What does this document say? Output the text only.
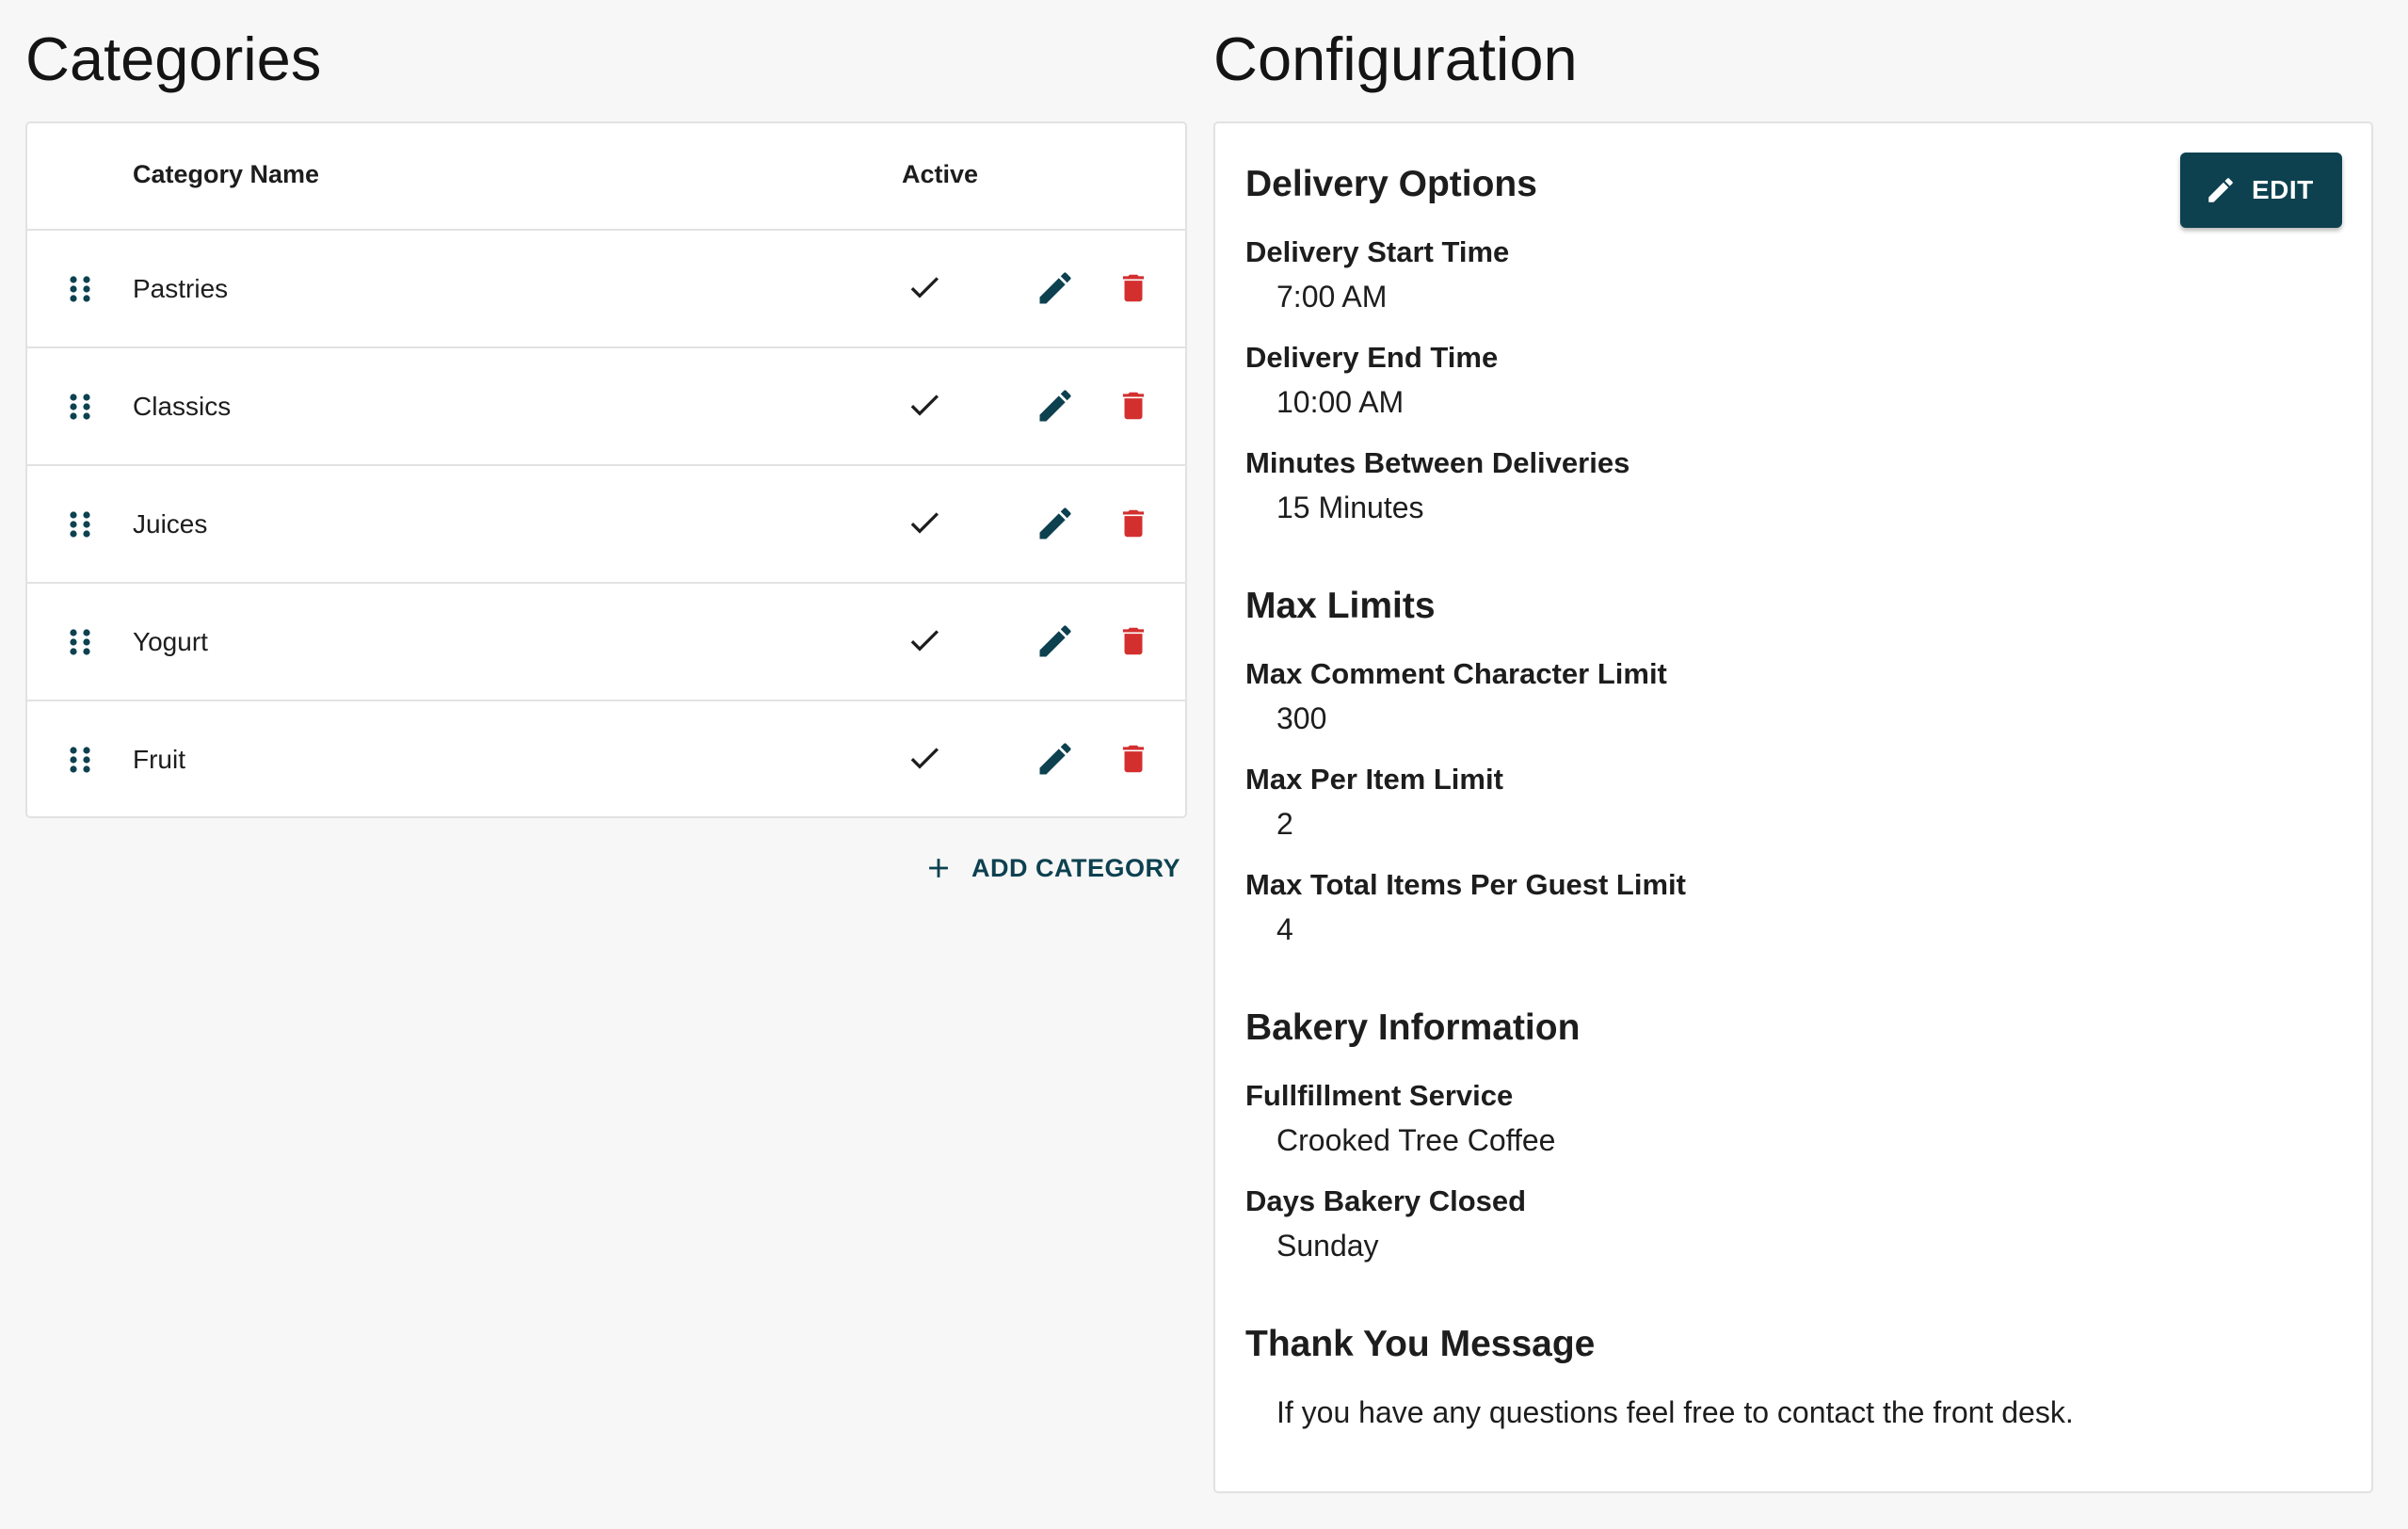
Categories	Configuration
Category Name	Active
Pastries
Classics
Juices
Yogurt
Fruit
ADD CATEGORY
EDIT
Delivery Options
Delivery Start Time
7:00 AM
Delivery End Time
10:00 AM
Minutes Between Deliveries
15 Minutes
Max Limits
Max Comment Character Limit
300
Max Per Item Limit
2
Max Total Items Per Guest Limit
4
Bakery Information
Fullfillment Service
Crooked Tree Coffee
Days Bakery Closed
Sunday
Thank You Message
If you have any questions feel free to contact the front desk.
